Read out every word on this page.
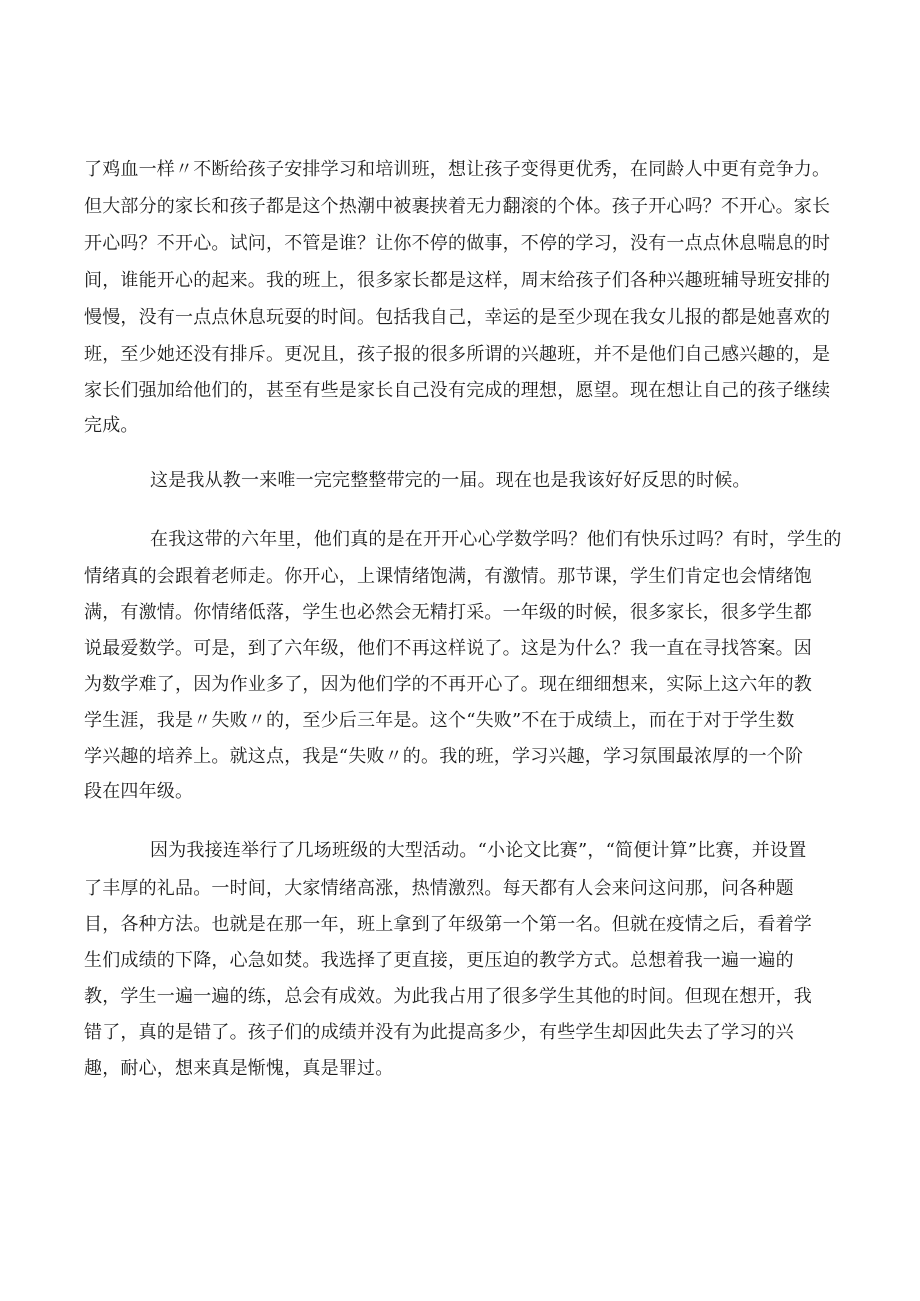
了鸡血一样〃不断给孩子安排学习和培训班，想让孩子变得更优秀，在同龄人中更有竞争力。
但大部分的家长和孩子都是这个热潮中被裹挟着无力翻滚的个体。孩子开心吗？不开心。家长
开心吗？不开心。试问，不管是谁？让你不停的做事，不停的学习，没有一点点休息喘息的时
间，谁能开心的起来。我的班上，很多家长都是这样，周末给孩子们各种兴趣班辅导班安排的
慢慢，没有一点点休息玩耍的时间。包括我自己，幸运的是至少现在我女儿报的都是她喜欢的
班，至少她还没有排斥。更况且，孩子报的很多所谓的兴趣班，并不是他们自己感兴趣的，是
家长们强加给他们的，甚至有些是家长自己没有完成的理想，愿望。现在想让自己的孩子继续
完成。
这是我从教一来唯一完完整整带完的一届。现在也是我该好好反思的时候。
在我这带的六年里，他们真的是在开开心心学数学吗？他们有快乐过吗？有时，学生的
情绪真的会跟着老师走。你开心，上课情绪饱满，有激情。那节课，学生们肯定也会情绪饱
满，有激情。你情绪低落，学生也必然会无精打采。一年级的时候，很多家长，很多学生都
说最爱数学。可是，到了六年级，他们不再这样说了。这是为什么？我一直在寻找答案。因
为数学难了，因为作业多了，因为他们学的不再开心了。现在细细想来，实际上这六年的教
学生涯，我是〃失败〃的，至少后三年是。这个“失败”不在于成绩上，而在于对于学生数
学兴趣的培养上。就这点，我是“失败〃的。我的班，学习兴趣，学习氛围最浓厚的一个阶
段在四年级。
因为我接连举行了几场班级的大型活动。“小论文比赛”，“简便计算”比赛，并设置
了丰厚的礼品。一时间，大家情绪高涨，热情激烈。每天都有人会来问这问那，问各种题
目，各种方法。也就是在那一年，班上拿到了年级第一个第一名。但就在疫情之后，看着学
生们成绩的下降，心急如焚。我选择了更直接，更压迫的教学方式。总想着我一遍一遍的
教，学生一遍一遍的练，总会有成效。为此我占用了很多学生其他的时间。但现在想开，我
错了，真的是错了。孩子们的成绩并没有为此提高多少，有些学生却因此失去了学习的兴
趣，耐心，想来真是惭愧，真是罪过。
